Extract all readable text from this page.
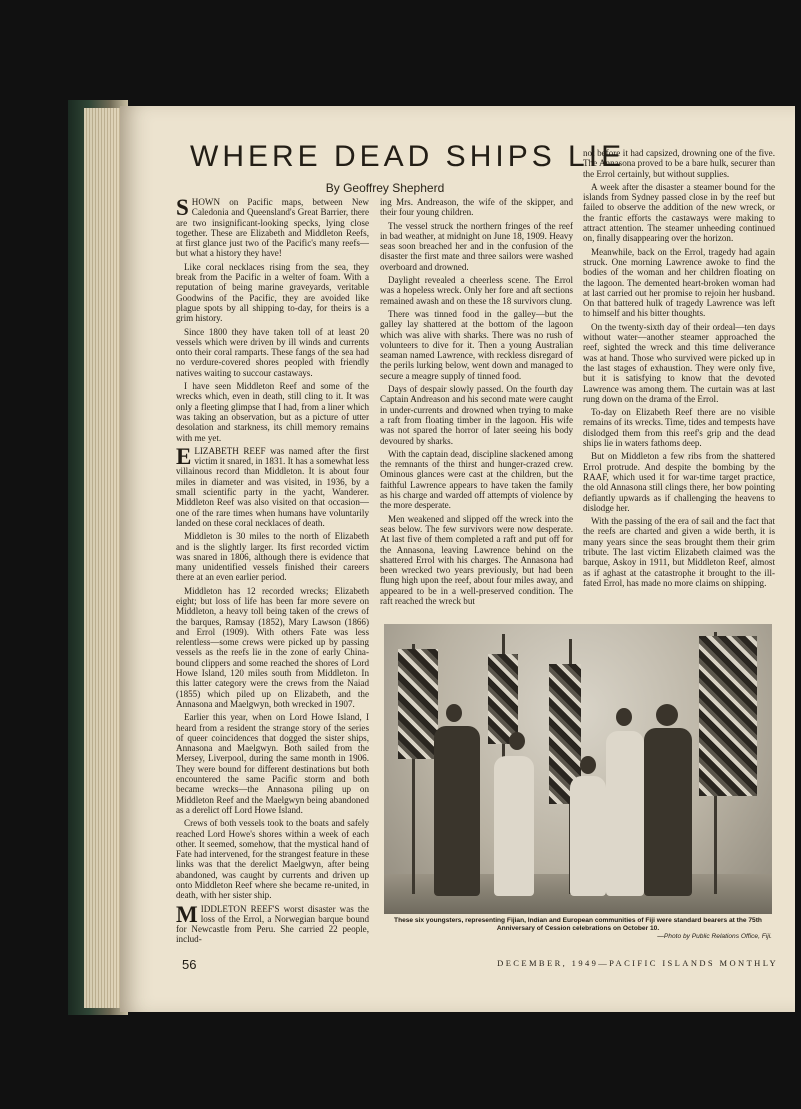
WHERE DEAD SHIPS LIE
By Geoffrey Shepherd

SHOWN on Pacific maps, between New Caledonia and Queensland's Great Barrier, there are two insignificant-looking specks, lying close together. These are Elizabeth and Middleton Reefs, at first glance just two of the Pacific's many reefs—but what a history they have!

Like coral necklaces rising from the sea, they break from the Pacific in a welter of foam. With a reputation of being marine graveyards, veritable Goodwins of the Pacific, they are avoided like plague spots by all shipping to-day, for theirs is a grim history.

Since 1800 they have taken toll of at least 20 vessels which were driven by ill winds and currents onto their coral ramparts. These fangs of the sea had no verdure-covered shores peopled with friendly natives waiting to succour castaways.

I have seen Middleton Reef and some of the wrecks which, even in death, still cling to it. It was only a fleeting glimpse that I had, from a liner which was taking an observation, but as a picture of utter desolation and starkness, its chill memory remains with me yet.

ELIZABETH REEF was named after the first victim it snared, in 1831. It has a somewhat less villainous record than Middleton. It is about four miles in diameter and was visited, in 1936, by a small scientific party in the yacht, Wanderer. Middleton Reef was also visited on that occasion—one of the rare times when humans have voluntarily landed on these coral necklaces of death.

Middleton is 30 miles to the north of Elizabeth and is the slightly larger. Its first recorded victim was snared in 1806, although there is evidence that many unidentified vessels finished their careers there at an even earlier period.

Middleton has 12 recorded wrecks; Elizabeth eight; but loss of life has been far more severe on Middleton, a heavy toll being taken of the crews of the barques, Ramsay (1852), Mary Lawson (1866) and Errol (1909). With others Fate was less relentless—some crews were picked up by passing vessels as the reefs lie in the zone of early China-bound clippers and some reached the shores of Lord Howe Island, 120 miles south from Middleton. In this latter category were the crews from the Naiad (1855) which piled up on Elizabeth, and the Annasona and Maelgwyn, both wrecked in 1907.

Earlier this year, when on Lord Howe Island, I heard from a resident the strange story of the series of queer coincidences that dogged the sister ships, Annasona and Maelgwyn. Both sailed from the Mersey, Liverpool, during the same month in 1906. They were bound for different destinations but both encountered the same Pacific storm and both became wrecks—the Annasona piling up on Middleton Reef and the Maelgwyn being abandoned as a derelict off Lord Howe Island.

Crews of both vessels took to the boats and safely reached Lord Howe's shores within a week of each other. It seemed, somehow, that the mystical hand of Fate had intervened, for the strangest feature in these links was that the derelict Maelgwyn, after being abandoned, was caught by currents and driven up onto Middleton Reef where she became re-united, in death, with her sister ship.

MIDDLETON REEF'S worst disaster was the loss of the Errol, a Norwegian barque bound for Newcastle from Peru. She carried 22 people, includ-

ing Mrs. Andreason, the wife of the skipper, and their four young children.

The vessel struck the northern fringes of the reef in bad weather, at midnight on June 18, 1909. Heavy seas soon breached her and in the confusion of the disaster the first mate and three sailors were washed overboard and drowned.

Daylight revealed a cheerless scene. The Errol was a hopeless wreck. Only her fore and aft sections remained awash and on these the 18 survivors clung.

There was tinned food in the galley—but the galley lay shattered at the bottom of the lagoon which was alive with sharks. There was no rush of volunteers to dive for it. Then a young Australian seaman named Lawrence, with reckless disregard of the perils lurking below, went down and managed to secure a meagre supply of tinned food.

Days of despair slowly passed. On the fourth day Captain Andreason and his second mate were caught in under-currents and drowned when trying to make a raft from floating timber in the lagoon. His wife was not spared the horror of later seeing his body devoured by sharks.

With the captain dead, discipline slackened among the remnants of the thirst and hunger-crazed crew. Ominous glances were cast at the children, but the faithful Lawrence appears to have taken the family as his charge and warded off attempts of violence by the more desperate.

Men weakened and slipped off the wreck into the seas below. The few survivors were now desperate. At last five of them completed a raft and put off for the Annasona, leaving Lawrence behind on the shattered Errol with his charges. The Annasona had been wrecked two years previously, but had been flung high upon the reef, about four miles away, and appeared to be in a well-preserved condition. The raft reached the wreck but

not before it had capsized, drowning one of the five. The Annasona proved to be a bare hulk, securer than the Errol certainly, but without supplies.

A week after the disaster a steamer bound for the islands from Sydney passed close in by the reef but failed to observe the addition of the new wreck, or the frantic efforts the castaways were making to attract attention. The steamer unheeding continued on, finally disappearing over the horizon.

Meanwhile, back on the Errol, tragedy had again struck. One morning Lawrence awoke to find the bodies of the woman and her children floating on the lagoon. The demented heart-broken woman had at last carried out her promise to rejoin her husband. On that battered hulk of tragedy Lawrence was left to himself and his bitter thoughts.

On the twenty-sixth day of their ordeal—ten days without water—another steamer approached the reef, sighted the wreck and this time deliverance was at hand. Those who survived were picked up in the last stages of exhaustion. They were only five, but it is satisfying to know that the devoted Lawrence was among them. The curtain was at last rung down on the drama of the Errol.

To-day on Elizabeth Reef there are no visible remains of its wrecks. Time, tides and tempests have dislodged them from this reef's grip and the dead ships lie in waters fathoms deep.

But on Middleton a few ribs from the shattered Errol protrude. And despite the bombing by the RAAF, which used it for war-time target practice, the old Annasona still clings there, her bow pointing defiantly upwards as if challenging the heavens to dislodge her.

With the passing of the era of sail and the fact that the reefs are charted and given a wide berth, it is many years since the seas brought them their grim tribute. The last victim Elizabeth claimed was the barque, Askoy in 1911, but Middleton Reef, almost as if aghast at the catastrophe it brought to the ill-fated Errol, has made no more claims on shipping.

These six youngsters, representing Fijian, Indian and European communities of Fiji were standard bearers at the 75th Anniversary of Cession celebrations on October 10.
—Photo by Public Relations Office, Fiji.
56	DECEMBER, 1949—PACIFIC ISLANDS MONTHLY
